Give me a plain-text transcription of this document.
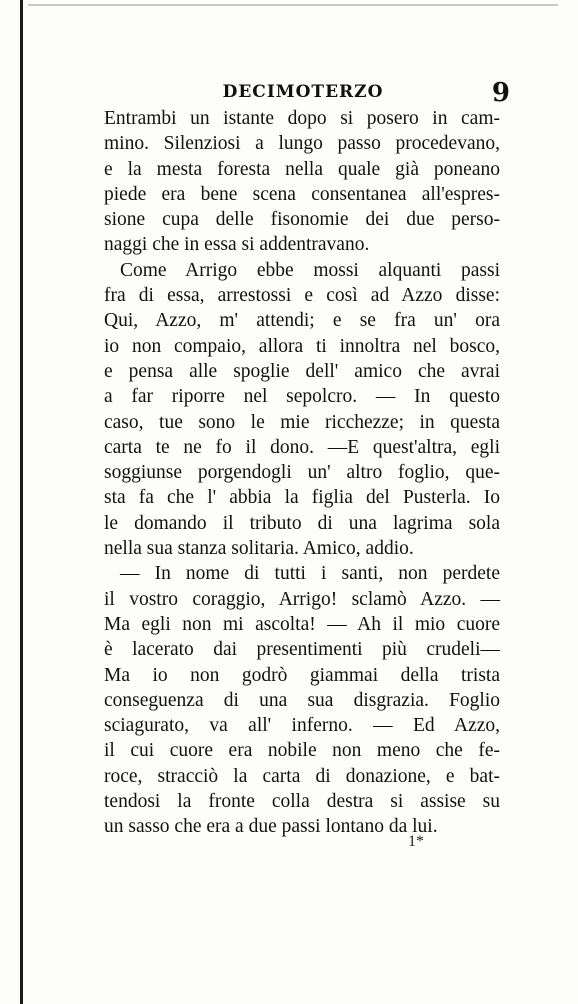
DECIMOTERZO	9
Entrambi un istante dopo si posero in cam-
mino. Silenziosi a lungo passo procedevano,
e la mesta foresta nella quale già poneano
piede era bene scena consentanea all'espres-
sione cupa delle fisonomie dei due perso-
naggi che in essa si addentravano.
Come Arrigo ebbe mossi alquanti passi
fra di essa, arrestossi e così ad Azzo disse:
Qui, Azzo, m' attendi; e se fra un' ora
io non compaio, allora ti innoltra nel bosco,
e pensa alle spoglie dell' amico che avrai
a far riporre nel sepolcro. — In questo
caso, tue sono le mie ricchezze; in questa
carta te ne fo il dono. —E quest'altra, egli
soggiunse porgendogli un' altro foglio, que-
sta fa che l' abbia la figlia del Pusterla. Io
le domando il tributo di una lagrima sola
nella sua stanza solitaria. Amico, addio.
— In nome di tutti i santi, non perdete
il vostro coraggio, Arrigo! sclamò Azzo. —
Ma egli non mi ascolta! — Ah il mio cuore
è lacerato dai presentimenti più crudeli—
Ma io non godrò giammai della trista
conseguenza di una sua disgrazia. Foglio
sciagurato, va all' inferno. — Ed Azzo,
il cui cuore era nobile non meno che fe-
roce, stracciò la carta di donazione, e bat-
tendosi la fronte colla destra si assise su
un sasso che era a due passi lontano da lui.
1*
